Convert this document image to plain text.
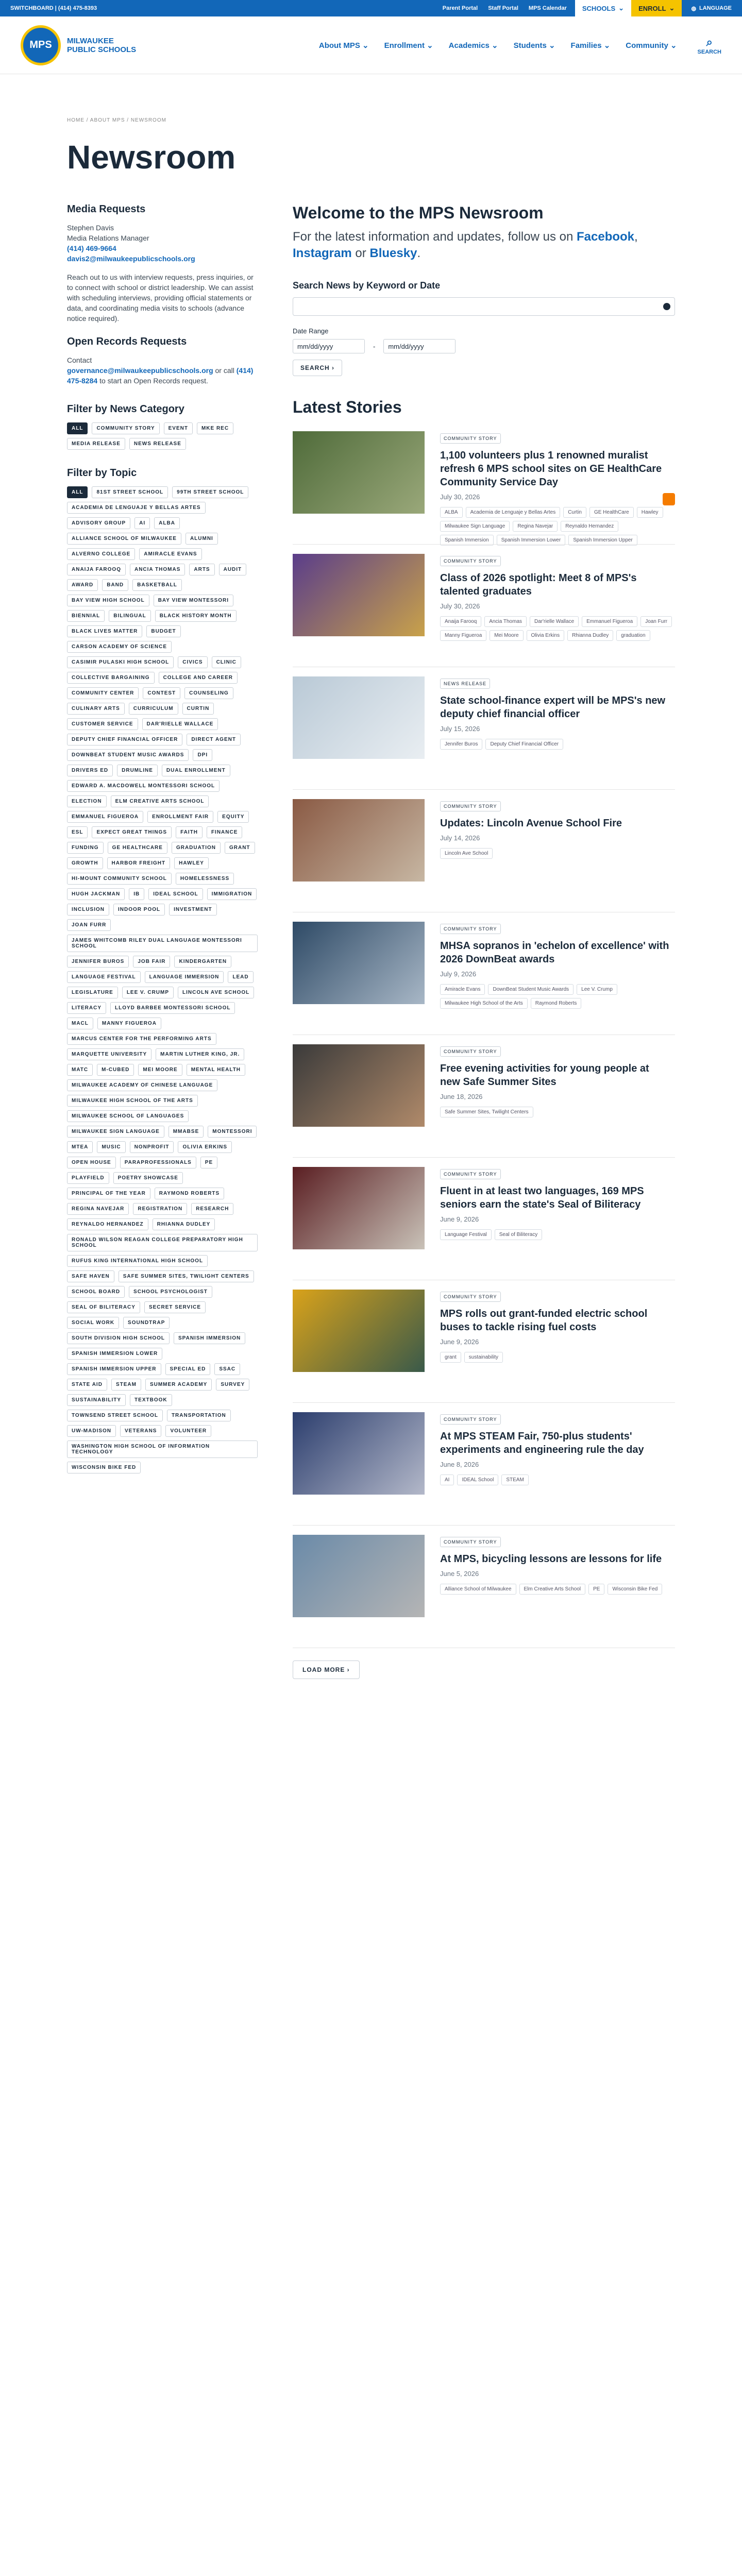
SWITCHBOARD | (414) 475-8393	Parent Portal Staff Portal MPS Calendar SCHOOLS ⌄ ENROLL ⌄	◍ LANGUAGE
MPS	MILWAUKEE
PUBLIC SCHOOLS	About MPS ⌄ Enrollment ⌄ Academics ⌄ Students ⌄ Families ⌄ Community ⌄	⌕
SEARCH
HOME / ABOUT MPS / NEWSROOM
Newsroom
Media Requests

Stephen Davis

Media Relations Manager

(414) 469-9664

davis2@milwaukeepublicschools.org

Reach out to us with interview requests, press inquiries, or to connect with school or district leadership. We can assist with scheduling interviews, providing official statements or data, and coordinating media visits to schools (advance notice required).

Open Records Requests

Contact
governance@milwaukeepublicschools.org or call (414) 475-8284 to start an Open Records request.

Filter by News Category
ALL	COMMUNITY STORY	EVENT	MKE REC
MEDIA RELEASE	NEWS RELEASE
Filter by Topic
ALL	81ST STREET SCHOOL	99TH STREET SCHOOL
ACADEMIA DE LENGUAJE Y BELLAS ARTES
ADVISORY GROUP	AI	ALBA
ALLIANCE SCHOOL OF MILWAUKEE	ALUMNI
ALVERNO COLLEGE	AMIRACLE EVANS
ANAIJA FAROOQ	ANCIA THOMAS	ARTS	AUDIT
AWARD	BAND	BASKETBALL
BAY VIEW HIGH SCHOOL	BAY VIEW MONTESSORI
BIENNIAL	BILINGUAL	BLACK HISTORY MONTH
BLACK LIVES MATTER	BUDGET
CARSON ACADEMY OF SCIENCE
CASIMIR PULASKI HIGH SCHOOL	CIVICS	CLINIC
COLLECTIVE BARGAINING	COLLEGE AND CAREER
COMMUNITY CENTER	CONTEST	COUNSELING
CULINARY ARTS	CURRICULUM	CURTIN
CUSTOMER SERVICE	DAR'RIELLE WALLACE
DEPUTY CHIEF FINANCIAL OFFICER	DIRECT AGENT
DOWNBEAT STUDENT MUSIC AWARDS	DPI
DRIVERS ED	DRUMLINE	DUAL ENROLLMENT
EDWARD A. MACDOWELL MONTESSORI SCHOOL
ELECTION	ELM CREATIVE ARTS SCHOOL
EMMANUEL FIGUEROA	ENROLLMENT FAIR	EQUITY
ESL	EXPECT GREAT THINGS	FAITH	FINANCE
FUNDING	GE HEALTHCARE	GRADUATION	GRANT
GROWTH	HARBOR FREIGHT	HAWLEY
HI-MOUNT COMMUNITY SCHOOL	HOMELESSNESS
HUGH JACKMAN	IB	IDEAL SCHOOL	IMMIGRATION
INCLUSION	INDOOR POOL	INVESTMENT
JOAN FURR
JAMES WHITCOMB RILEY DUAL LANGUAGE MONTESSORI SCHOOL
JENNIFER BUROS	JOB FAIR	KINDERGARTEN
LANGUAGE FESTIVAL	LANGUAGE IMMERSION	LEAD
LEGISLATURE	LEE V. CRUMP	LINCOLN AVE SCHOOL
LITERACY	LLOYD BARBEE MONTESSORI SCHOOL
MACL	MANNY FIGUEROA
MARCUS CENTER FOR THE PERFORMING ARTS
MARQUETTE UNIVERSITY	MARTIN LUTHER KING, JR.
MATC	M-CUBED	MEI MOORE	MENTAL HEALTH
MILWAUKEE ACADEMY OF CHINESE LANGUAGE
MILWAUKEE HIGH SCHOOL OF THE ARTS
MILWAUKEE SCHOOL OF LANGUAGES
MILWAUKEE SIGN LANGUAGE	MMABSE	MONTESSORI
MTEA	MUSIC	NONPROFIT	OLIVIA ERKINS
OPEN HOUSE	PARAPROFESSIONALS	PE
PLAYFIELD	POETRY SHOWCASE
PRINCIPAL OF THE YEAR	RAYMOND ROBERTS
REGINA NAVEJAR	REGISTRATION	RESEARCH
REYNALDO HERNANDEZ	RHIANNA DUDLEY
RONALD WILSON REAGAN COLLEGE PREPARATORY HIGH SCHOOL
RUFUS KING INTERNATIONAL HIGH SCHOOL
SAFE HAVEN	SAFE SUMMER SITES, TWILIGHT CENTERS
SCHOOL BOARD	SCHOOL PSYCHOLOGIST
SEAL OF BILITERACY	SECRET SERVICE
SOCIAL WORK	SOUNDTRAP
SOUTH DIVISION HIGH SCHOOL	SPANISH IMMERSION
SPANISH IMMERSION LOWER
SPANISH IMMERSION UPPER	SPECIAL ED	SSAC
STATE AID	STEAM	SUMMER ACADEMY	SURVEY
SUSTAINABILITY	TEXTBOOK
TOWNSEND STREET SCHOOL	TRANSPORTATION
UW-MADISON	VETERANS	VOLUNTEER
WASHINGTON HIGH SCHOOL OF INFORMATION TECHNOLOGY
WISCONSIN BIKE FED
Welcome to the MPS Newsroom
For the latest information and updates, follow us on Facebook, Instagram or Bluesky.
Search News by Keyword or Date
Date Range
mm/dd/yyyy	- mm/dd/yyyy
SEARCH ›
Latest Stories
COMMUNITY STORY
1,100 volunteers plus 1 renowned muralist refresh 6 MPS school sites on GE HealthCare Community Service Day
July 30, 2026
ALBA	Academia de Lenguaje y Bellas Artes	Curtin	GE HealthCare	Hawley
Milwaukee Sign Language	Regina Navejar	Reynaldo Hernandez
Spanish Immersion	Spanish Immersion Lower	Spanish Immersion Upper
COMMUNITY STORY
Class of 2026 spotlight: Meet 8 of MPS's talented graduates
July 30, 2026
Anaija Farooq	Ancia Thomas	Dar'rielle Wallace	Emmanuel Figueroa	Joan Furr
Manny Figueroa	Mei Moore	Olivia Erkins	Rhianna Dudley	graduation
NEWS RELEASE
State school-finance expert will be MPS's new deputy chief financial officer
July 15, 2026
Jennifer Buros	Deputy Chief Financial Officer
COMMUNITY STORY
Updates: Lincoln Avenue School Fire
July 14, 2026
Lincoln Ave School
COMMUNITY STORY
MHSA sopranos in 'echelon of excellence' with 2026 DownBeat awards
July 9, 2026
Amiracle Evans	DownBeat Student Music Awards	Lee V. Crump
Milwaukee High School of the Arts	Raymond Roberts
COMMUNITY STORY
Free evening activities for young people at new Safe Summer Sites
June 18, 2026
Safe Summer Sites, Twilight Centers
COMMUNITY STORY
Fluent in at least two languages, 169 MPS seniors earn the state's Seal of Biliteracy
June 9, 2026
Language Festival	Seal of Biliteracy
COMMUNITY STORY
MPS rolls out grant-funded electric school buses to tackle rising fuel costs
June 9, 2026
grant	sustainability
COMMUNITY STORY
At MPS STEAM Fair, 750-plus students' experiments and engineering rule the day
June 8, 2026
AI	IDEAL School	STEAM
COMMUNITY STORY
At MPS, bicycling lessons are lessons for life
June 5, 2026
Alliance School of Milwaukee	Elm Creative Arts School	PE	Wisconsin Bike Fed
LOAD MORE ›
